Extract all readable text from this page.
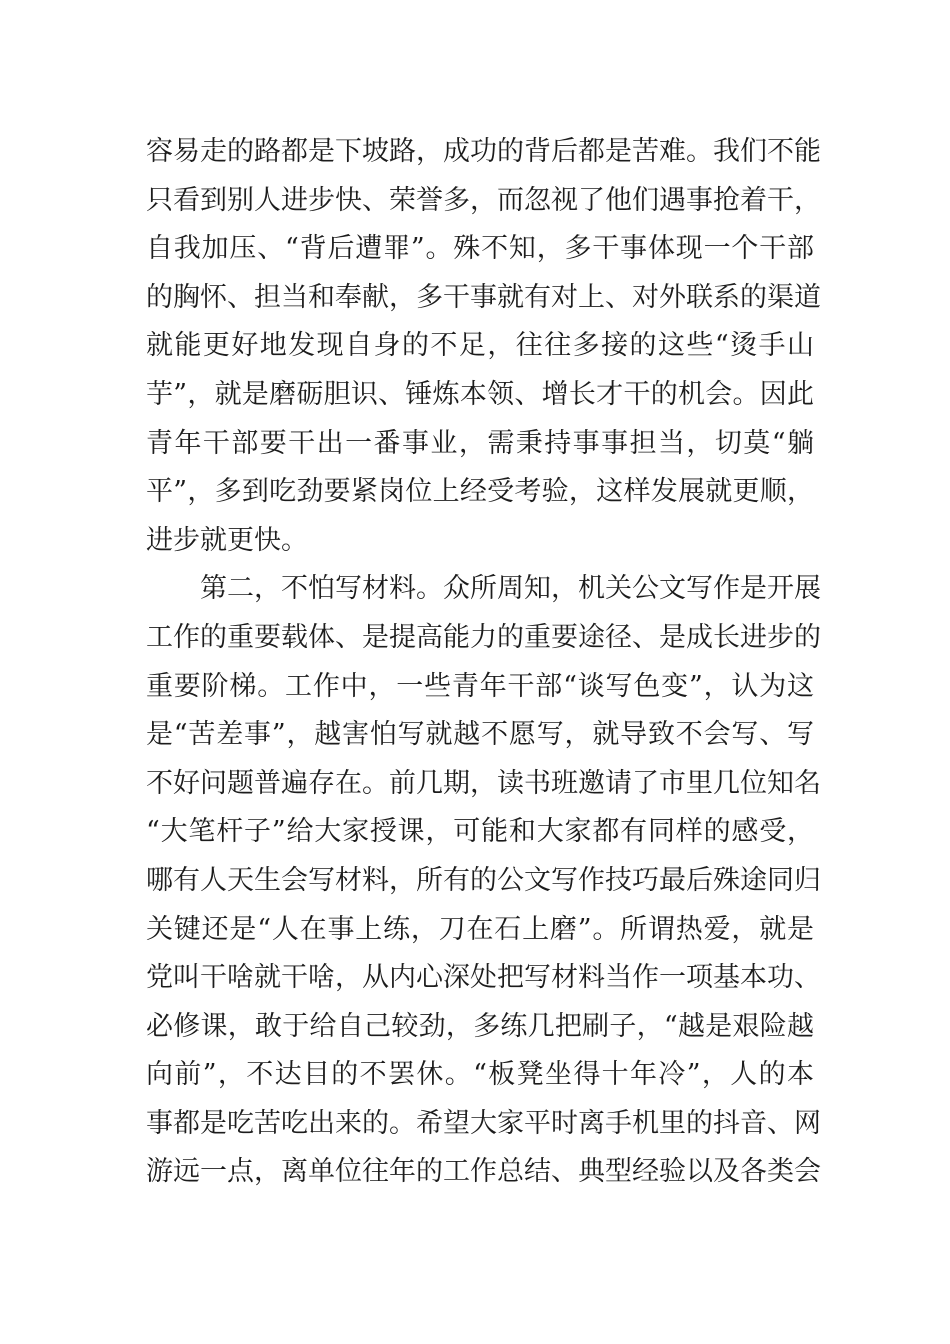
容易走的路都是下坡路，成功的背后都是苦难。我们不能
只看到别人进步快、荣誉多，而忽视了他们遇事抢着干，
自我加压、“背后遭罪”。殊不知，多干事体现一个干部
的胸怀、担当和奉献，多干事就有对上、对外联系的渠道
就能更好地发现自身的不足，往往多接的这些“烫手山
芋”，就是磨砺胆识、锤炼本领、增长才干的机会。因此
青年干部要干出一番事业，需秉持事事担当，切莫“躺
平”，多到吃劲要紧岗位上经受考验，这样发展就更顺，
进步就更快。
第二，不怕写材料。众所周知，机关公文写作是开展
工作的重要载体、是提高能力的重要途径、是成长进步的
重要阶梯。工作中，一些青年干部“谈写色变”，认为这
是“苦差事”，越害怕写就越不愿写，就导致不会写、写
不好问题普遍存在。前几期，读书班邀请了市里几位知名
“大笔杆子”给大家授课，可能和大家都有同样的感受，
哪有人天生会写材料，所有的公文写作技巧最后殊途同归
关键还是“人在事上练，刀在石上磨”。所谓热爱，就是
党叫干啥就干啥，从内心深处把写材料当作一项基本功、
必修课，敢于给自己较劲，多练几把刷子，“越是艰险越
向前”，不达目的不罢休。“板凳坐得十年冷”，人的本
事都是吃苦吃出来的。希望大家平时离手机里的抖音、网
游远一点，离单位往年的工作总结、典型经验以及各类会
